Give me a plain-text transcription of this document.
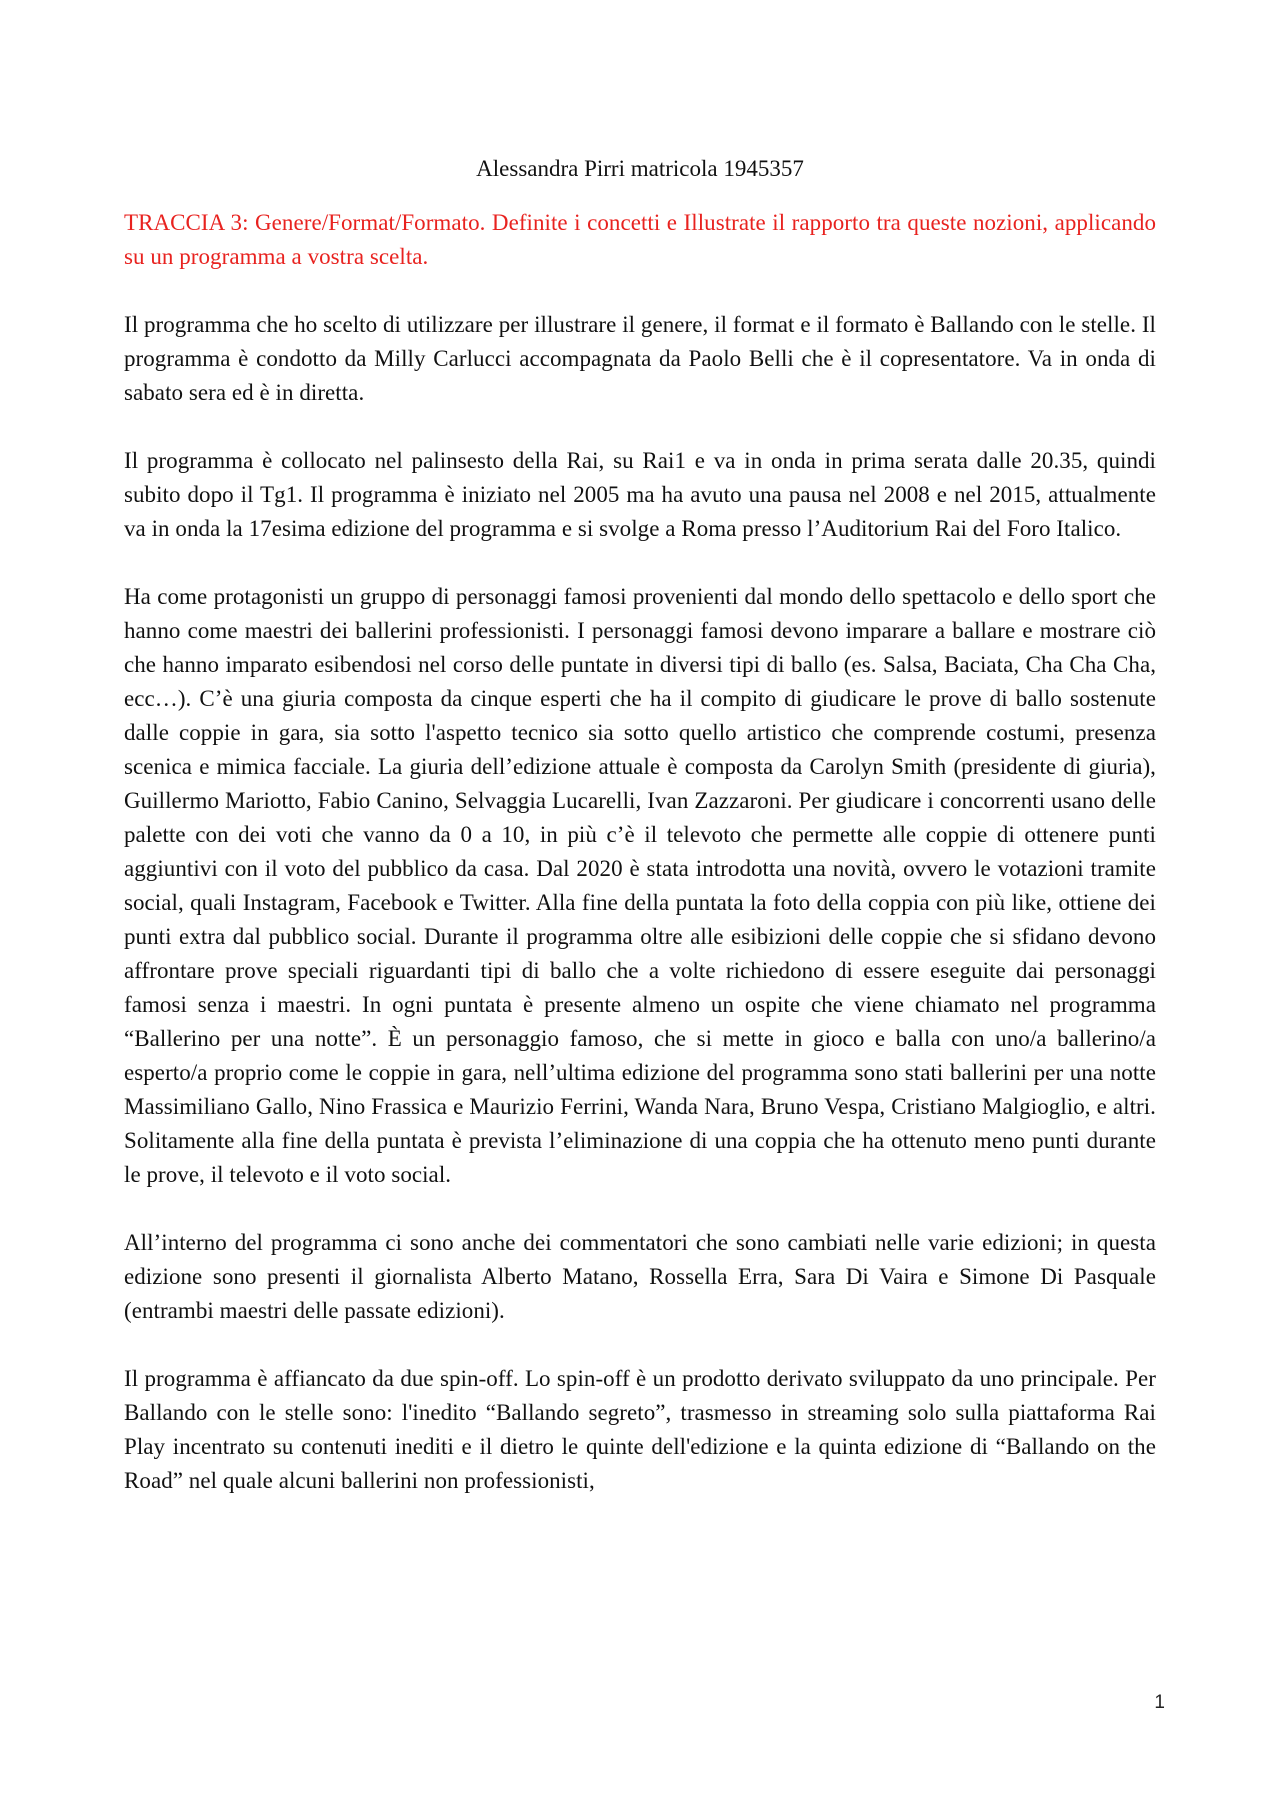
Alessandra Pirri matricola 1945357

TRACCIA 3: Genere/Format/Formato. Definite i concetti e Illustrate il rapporto tra queste nozioni, applicando su un programma a vostra scelta.

Il programma che ho scelto di utilizzare per illustrare il genere, il format e il formato è Ballando con le stelle. Il programma è condotto da Milly Carlucci accompagnata da Paolo Belli che è il copresentatore. Va in onda di sabato sera ed è in diretta.

Il programma è collocato nel palinsesto della Rai, su Rai1 e va in onda in prima serata dalle 20.35, quindi subito dopo il Tg1. Il programma è iniziato nel 2005 ma ha avuto una pausa nel 2008 e nel 2015, attualmente va in onda la 17esima edizione del programma e si svolge a Roma presso l’Auditorium Rai del Foro Italico.

Ha come protagonisti un gruppo di personaggi famosi provenienti dal mondo dello spettacolo e dello sport che hanno come maestri dei ballerini professionisti. I personaggi famosi devono imparare a ballare e mostrare ciò che hanno imparato esibendosi nel corso delle puntate in diversi tipi di ballo (es. Salsa, Baciata, Cha Cha Cha, ecc…). C’è una giuria composta da cinque esperti che ha il compito di giudicare le prove di ballo sostenute dalle coppie in gara, sia sotto l'aspetto tecnico sia sotto quello artistico che comprende costumi, presenza scenica e mimica facciale. La giuria dell’edizione attuale è composta da Carolyn Smith (presidente di giuria), Guillermo Mariotto, Fabio Canino, Selvaggia Lucarelli, Ivan Zazzaroni. Per giudicare i concorrenti usano delle palette con dei voti che vanno da 0 a 10, in più c’è il televoto che permette alle coppie di ottenere punti aggiuntivi con il voto del pubblico da casa. Dal 2020 è stata introdotta una novità, ovvero le votazioni tramite social, quali Instagram, Facebook e Twitter. Alla fine della puntata la foto della coppia con più like, ottiene dei punti extra dal pubblico social. Durante il programma oltre alle esibizioni delle coppie che si sfidano devono affrontare prove speciali riguardanti tipi di ballo che a volte richiedono di essere eseguite dai personaggi famosi senza i maestri. In ogni puntata è presente almeno un ospite che viene chiamato nel programma “Ballerino per una notte”. È un personaggio famoso, che si mette in gioco e balla con uno/a ballerino/a esperto/a proprio come le coppie in gara, nell’ultima edizione del programma sono stati ballerini per una notte Massimiliano Gallo, Nino Frassica e Maurizio Ferrini, Wanda Nara, Bruno Vespa, Cristiano Malgioglio, e altri. Solitamente alla fine della puntata è prevista l’eliminazione di una coppia che ha ottenuto meno punti durante le prove, il televoto e il voto social.

All’interno del programma ci sono anche dei commentatori che sono cambiati nelle varie edizioni; in questa edizione sono presenti il giornalista Alberto Matano, Rossella Erra, Sara Di Vaira e Simone Di Pasquale (entrambi maestri delle passate edizioni).

Il programma è affiancato da due spin-off. Lo spin-off è un prodotto derivato sviluppato da uno principale. Per Ballando con le stelle sono: l'inedito “Ballando segreto”, trasmesso in streaming solo sulla piattaforma Rai Play incentrato su contenuti inediti e il dietro le quinte dell'edizione e la quinta edizione di “Ballando on the Road” nel quale alcuni ballerini non professionisti,

1
